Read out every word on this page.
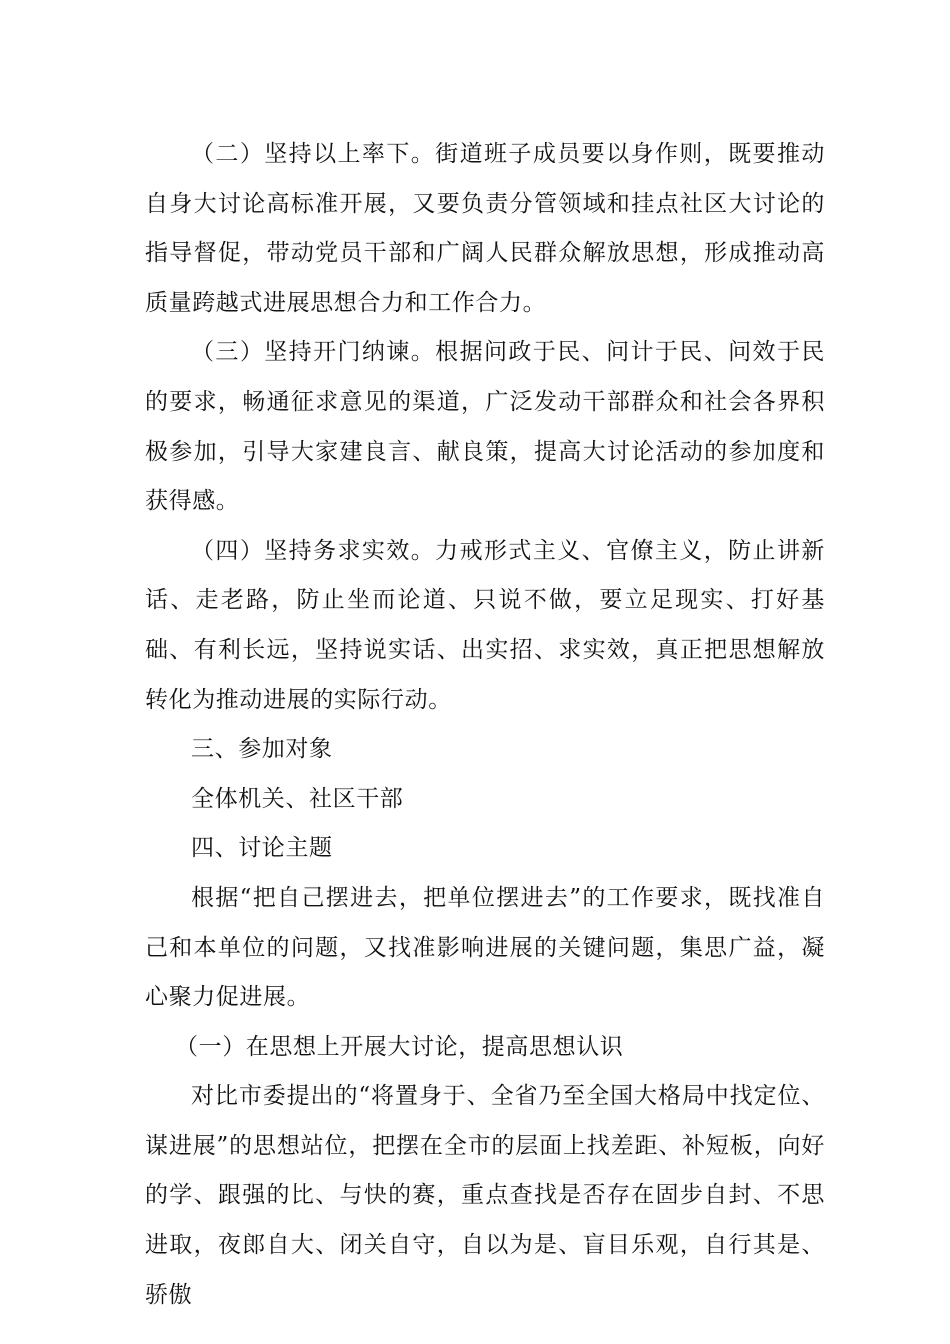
（二）坚持以上率下。街道班子成员要以身作则，既要推动自身大讨论高标准开展，又要负责分管领域和挂点社区大讨论的指导督促，带动党员干部和广阔人民群众解放思想，形成推动高质量跨越式进展思想合力和工作合力。

（三）坚持开门纳谏。根据问政于民、问计于民、问效于民的要求，畅通征求意见的渠道，广泛发动干部群众和社会各界积极参加，引导大家建良言、献良策，提高大讨论活动的参加度和获得感。

（四）坚持务求实效。力戒形式主义、官僚主义，防止讲新话、走老路，防止坐而论道、只说不做，要立足现实、打好基础、有利长远，坚持说实话、出实招、求实效，真正把思想解放转化为推动进展的实际行动。

三、参加对象

全体机关、社区干部

四、讨论主题

根据“把自己摆进去，把单位摆进去”的工作要求，既找准自己和本单位的问题，又找准影响进展的关键问题，集思广益，凝心聚力促进展。

（一）在思想上开展大讨论，提高思想认识

对比市委提出的“将置身于、全省乃至全国大格局中找定位、谋进展”的思想站位，把摆在全市的层面上找差距、补短板，向好的学、跟强的比、与快的赛，重点查找是否存在固步自封、不思进取，夜郎自大、闭关自守，自以为是、盲目乐观，自行其是、骄傲
